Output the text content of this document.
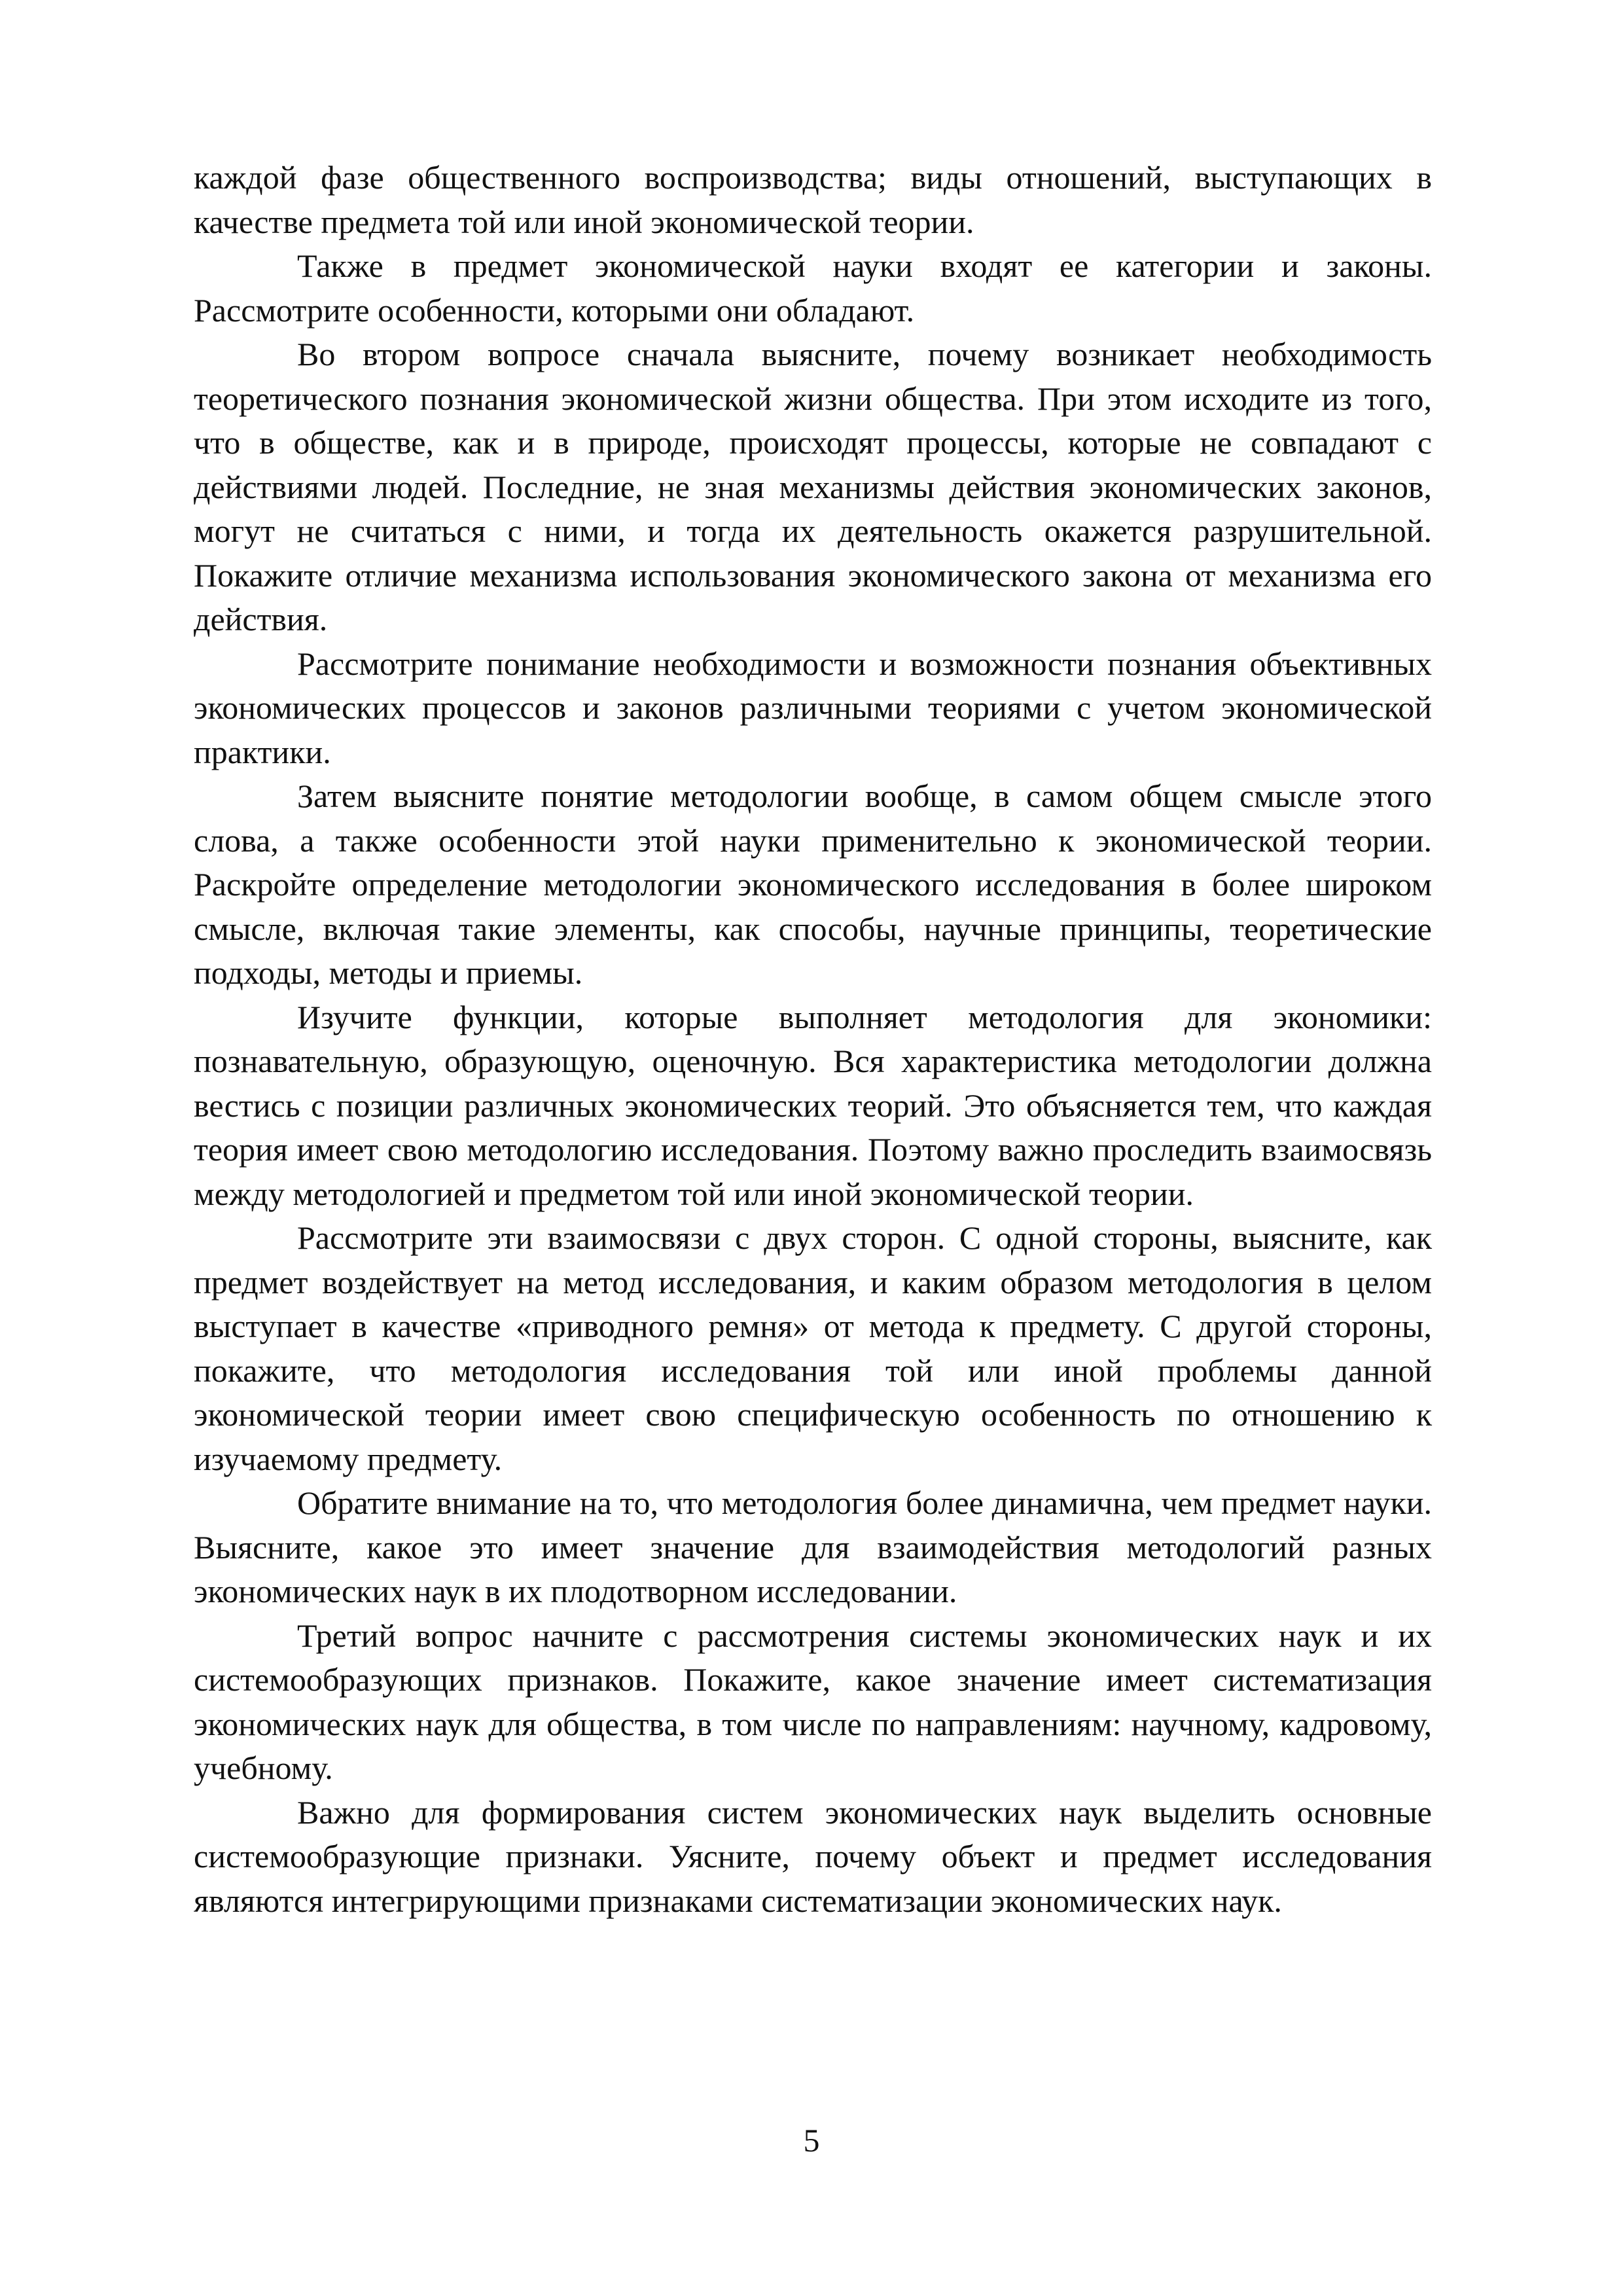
каждой фазе общественного воспроизводства; виды отношений, выступающих в качестве предмета той или иной экономической теории.

Также в предмет экономической науки входят ее категории и законы. Рассмотрите особенности, которыми они обладают.

Во втором вопросе сначала выясните, почему возникает необходимость теоретического познания экономической жизни общества. При этом исходите из того, что в обществе, как и в природе, происходят процессы, которые не совпадают с действиями людей. Последние, не зная механизмы действия экономических законов, могут не считаться с ними, и тогда их деятельность окажется разрушительной. Покажите отличие механизма использования экономического закона от механизма его действия.

Рассмотрите понимание необходимости и возможности познания объективных экономических процессов и законов различными теориями с учетом экономической практики.

Затем выясните понятие методологии вообще, в самом общем смысле этого слова, а также особенности этой науки применительно к экономической теории. Раскройте определение методологии экономического исследования в более широком смысле, включая такие элементы, как способы, научные принципы, теоретические подходы, методы и приемы.

Изучите функции, которые выполняет методология для экономики: познавательную, образующую, оценочную. Вся характеристика методологии должна вестись с позиции различных экономических теорий. Это объясняется тем, что каждая теория имеет свою методологию исследования. Поэтому важно проследить взаимосвязь между методологией и предметом той или иной экономической теории.

Рассмотрите эти взаимосвязи с двух сторон. С одной стороны, выясните, как предмет воздействует на метод исследования, и каким образом методология в целом выступает в качестве «приводного ремня» от метода к предмету. С другой стороны, покажите, что методология исследования той или иной проблемы данной экономической теории имеет свою специфическую особенность по отношению к изучаемому предмету.

Обратите внимание на то, что методология более динамична, чем предмет науки. Выясните, какое это имеет значение для взаимодействия методологий разных экономических наук в их плодотворном исследовании.

Третий вопрос начните с рассмотрения системы экономических наук и их системообразующих признаков. Покажите, какое значение имеет систематизация экономических наук для общества, в том числе по направлениям: научному, кадровому, учебному.

Важно для формирования систем экономических наук выделить основные системообразующие признаки. Уясните, почему объект и предмет исследования являются интегрирующими признаками систематизации экономических наук.

5
